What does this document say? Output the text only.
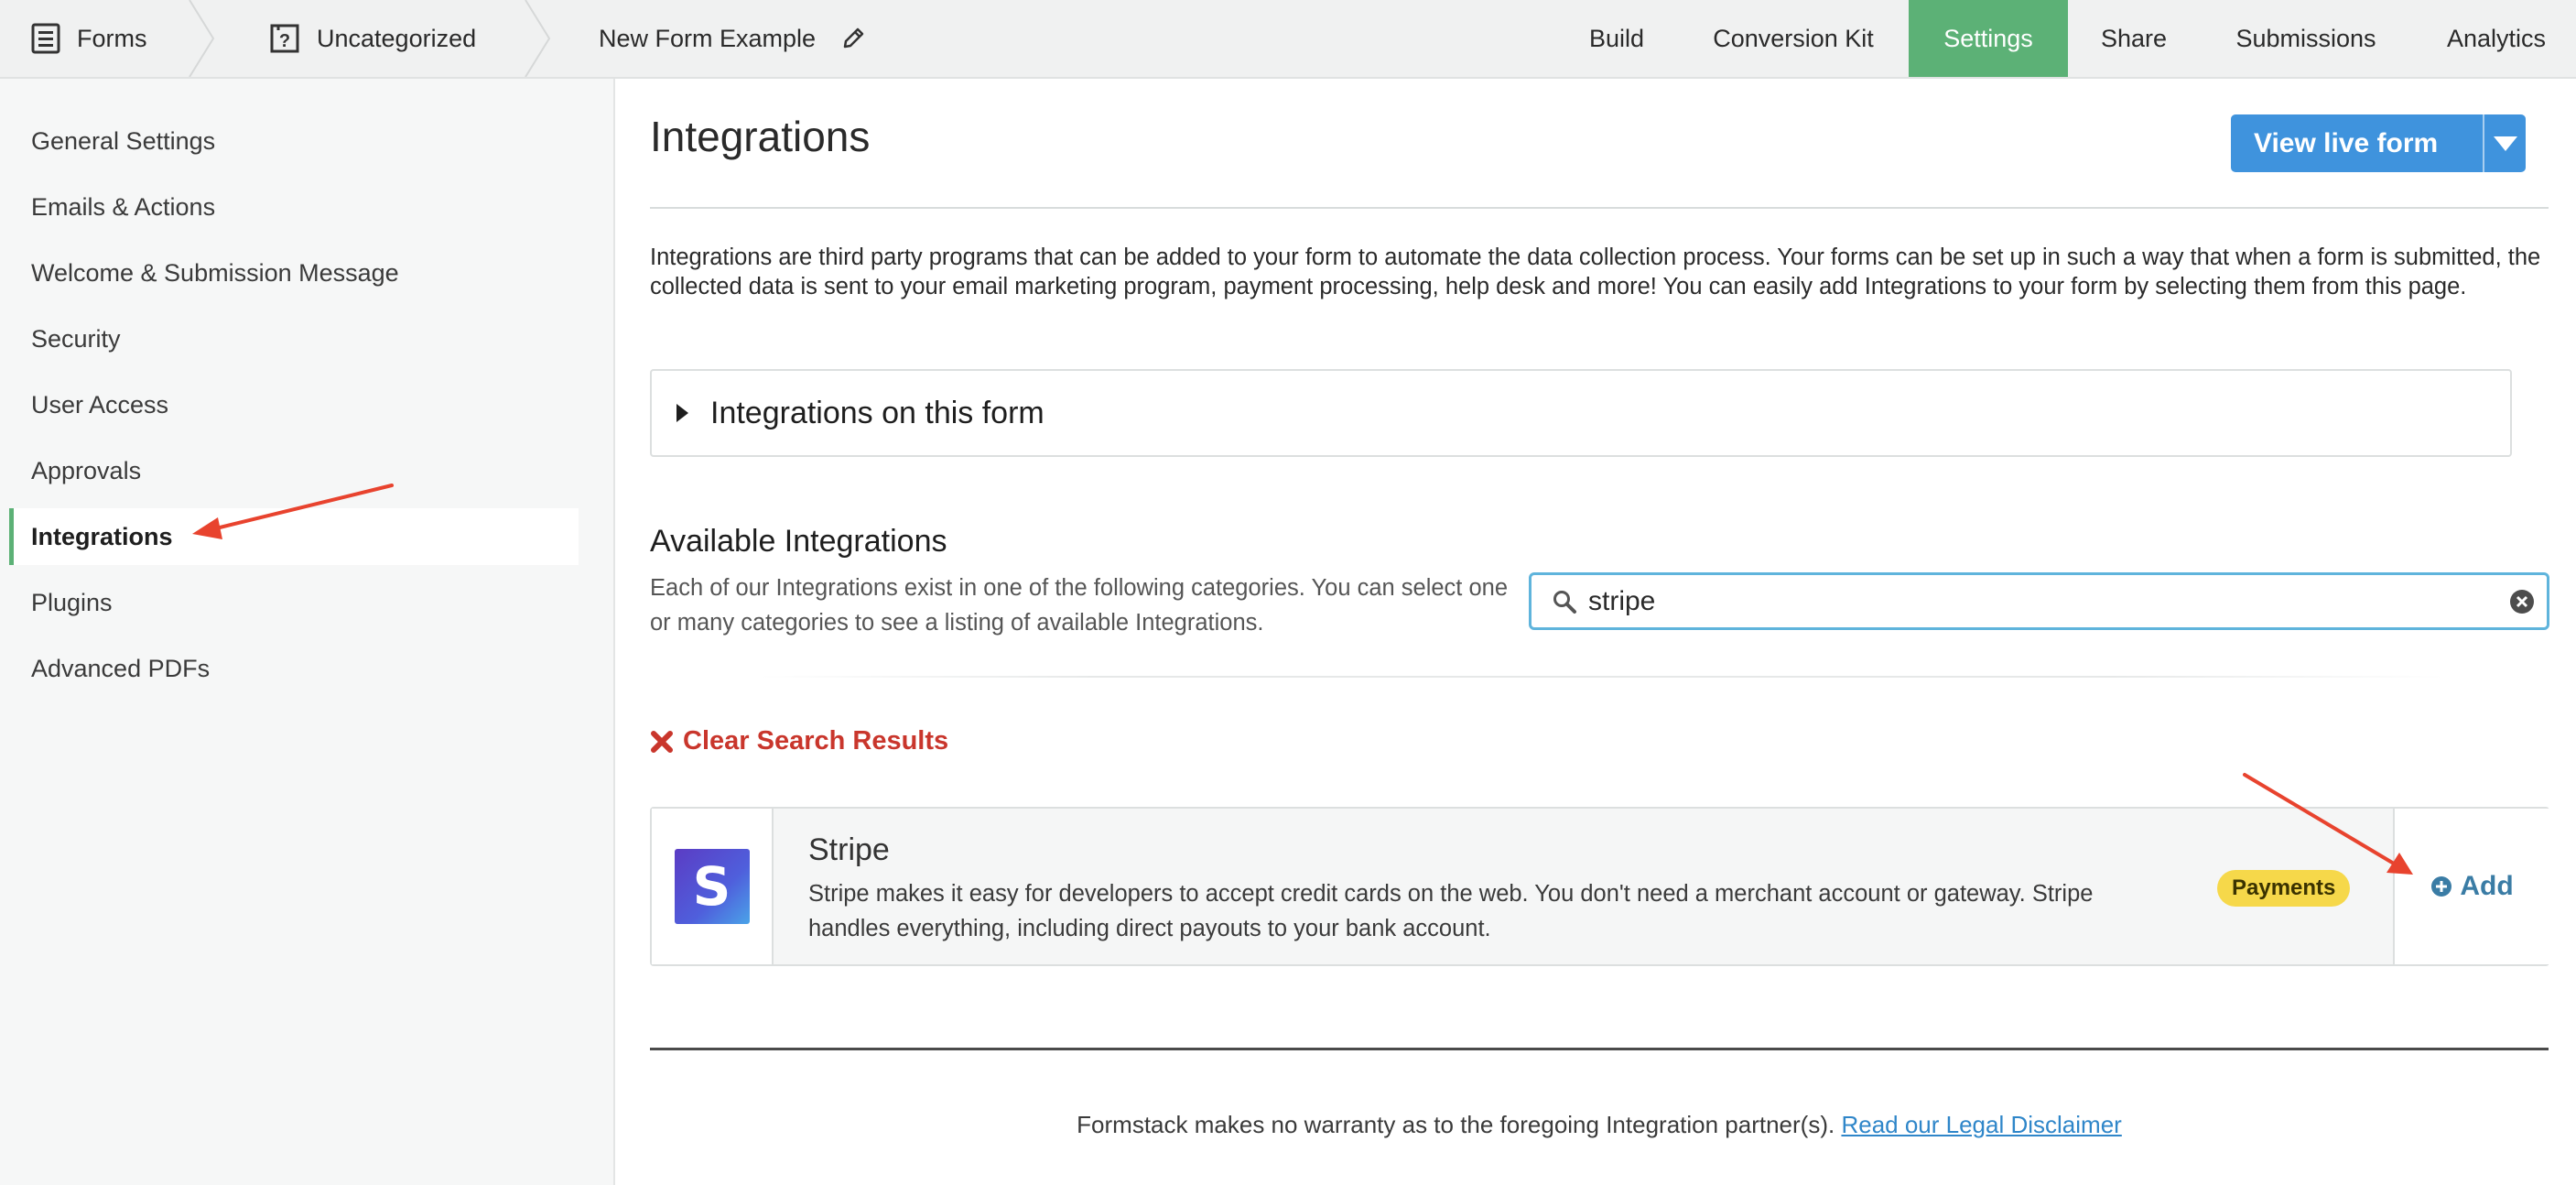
Forms	? Uncategorized	New Form Example	Build	Conversion Kit	Settings	Share	Submissions	Analytics
General Settings
Emails & Actions
Welcome & Submission Message
Security
User Access
Approvals
Integrations
Plugins
Advanced PDFs
Integrations	View live form
Integrations are third party programs that can be added to your form to automate the data collection process. Your forms can be set up in such a way that when a form is submitted, the collected data is sent to your email marketing program, payment processing, help desk and more! You can easily add Integrations to your form by selecting them from this page.
Integrations on this form
Available Integrations
Each of our Integrations exist in one of the following categories. You can select one or many categories to see a listing of available Integrations.
stripe
Clear Search Results
S
Stripe
Stripe makes it easy for developers to accept credit cards on the web. You don't need a merchant account or gateway. Stripe handles everything, including direct payouts to your bank account.
Payments	Add
Formstack makes no warranty as to the foregoing Integration partner(s). Read our Legal Disclaimer
